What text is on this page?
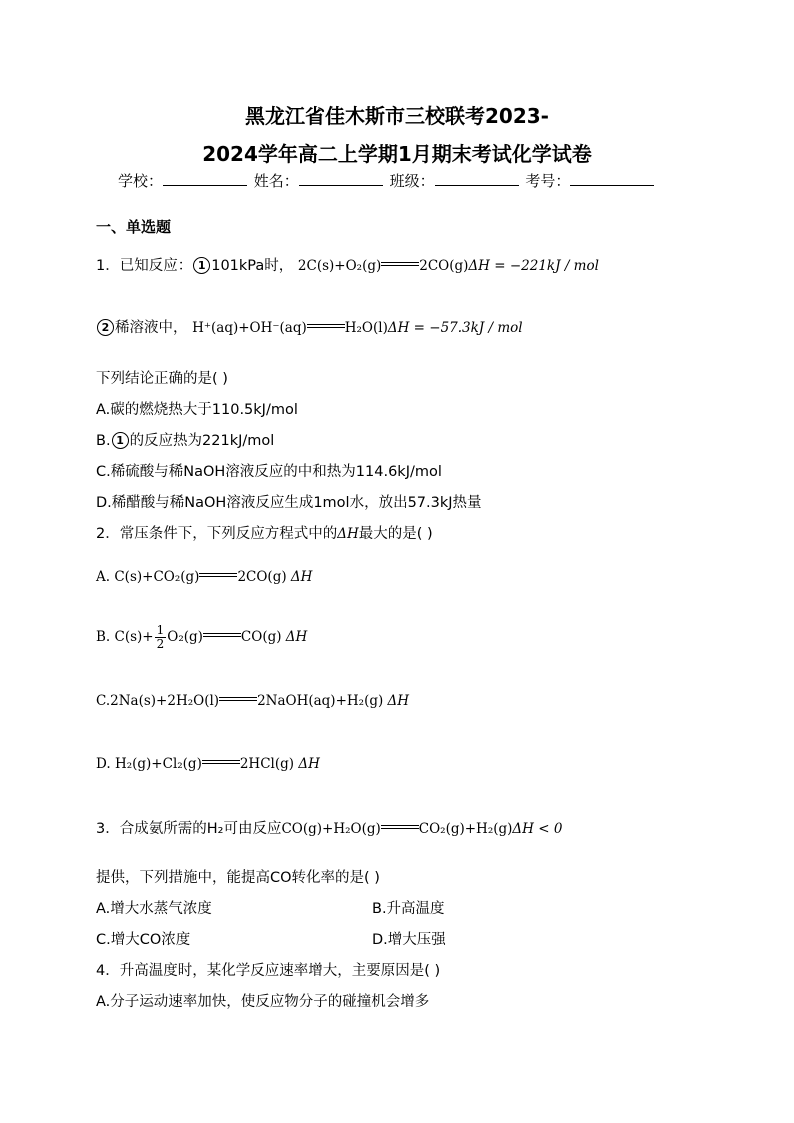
黑龙江省佳木斯市三校联考2023-
2024学年高二上学期1月期末考试化学试卷
学校：	姓名：	班级：	考号：
一、单选题
1．已知反应： 1 101kPa时， 2C(s)+O₂(g)	2CO(g)ΔH = −221kJ / mol
2 稀溶液中， H⁺(aq)+OH⁻(aq)	H₂O(l)ΔH = −57.3kJ / mol
下列结论正确的是( )
A.碳的燃烧热大于110.5kJ/mol
B. 1 的反应热为221kJ/mol
C.稀硫酸与稀NaOH溶液反应的中和热为114.6kJ/mol
D.稀醋酸与稀NaOH溶液反应生成1mol水，放出57.3kJ热量
2．常压条件下，下列反应方程式中的ΔH最大的是( )
A. C(s)+CO₂(g)	2CO(g) ΔH
B. $C(s)+ \frac{1}{2} O_2(g)$	CO(g) ΔH
C.2Na(s)+2H₂O(l)	2NaOH(aq)+H₂(g) ΔH
D. H₂(g)+Cl₂(g)	2HCl(g) ΔH
3．合成氨所需的H₂可由反应CO(g)+H₂O(g)	CO₂(g)+H₂(g)ΔH < 0
提供，下列措施中，能提高CO转化率的是( )
A.增大水蒸气浓度	B.升高温度
C.增大CO浓度	D.增大压强
4．升高温度时，某化学反应速率增大，主要原因是( )
A.分子运动速率加快，使反应物分子的碰撞机会增多
